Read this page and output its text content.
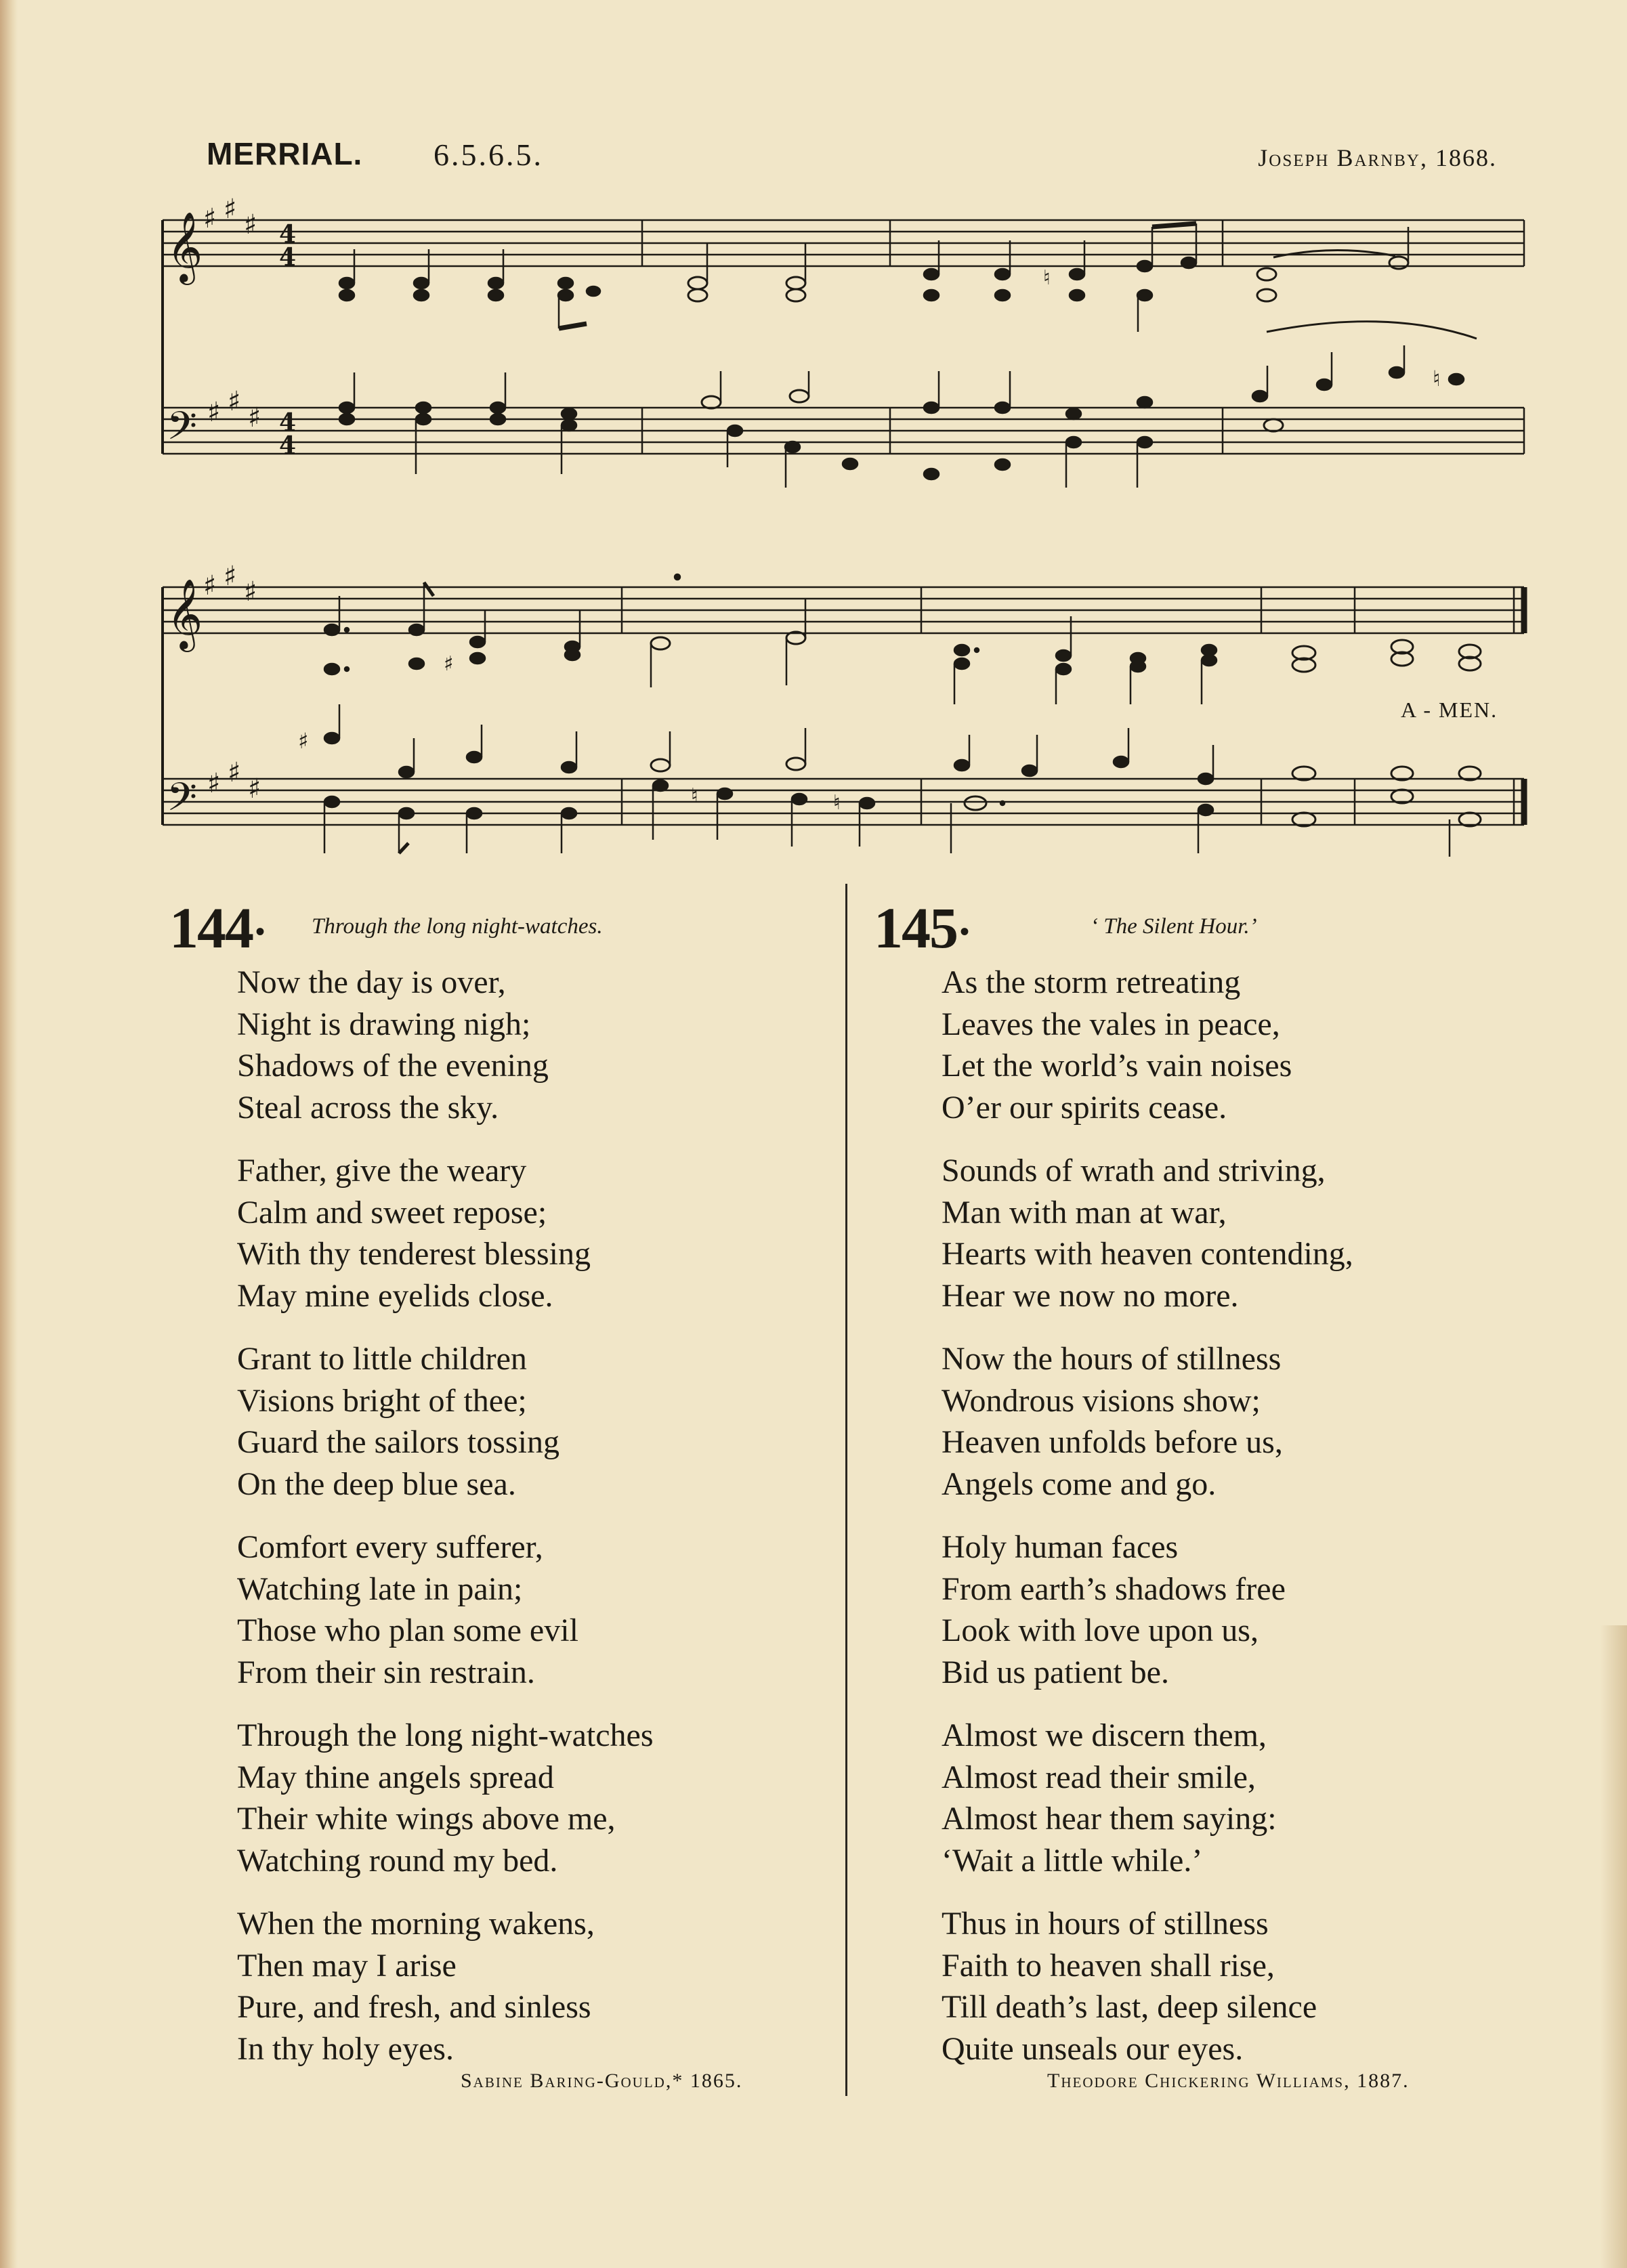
MERRIAL. 6.5.6.5.	Joseph Barnby, 1868.
𝄞 ♯ ♯ ♯ 4
4
𝄢 ♯ ♯
♯ 4
4
♮
♮
𝄞 ♯ ♯ ♯
𝄢 ♯ ♯
♯
♯
♯
♮	♮
A - MEN.
144 •	Through the long night-watches.
Now the day is over,
Night is drawing nigh;
Shadows of the evening
Steal across the sky.
Father, give the weary
Calm and sweet repose;
With thy tenderest blessing
May mine eyelids close.
Grant to little children
Visions bright of thee;
Guard the sailors tossing
On the deep blue sea.
Comfort every sufferer,
Watching late in pain;
Those who plan some evil
From their sin restrain.
Through the long night-watches
May thine angels spread
Their white wings above me,
Watching round my bed.
When the morning wakens,
Then may I arise
Pure, and fresh, and sinless
In thy holy eyes.
Sabine Baring-Gould,* 1865.
145 •	‘ The Silent Hour.’
As the storm retreating
Leaves the vales in peace,
Let the world’s vain noises
O’er our spirits cease.
Sounds of wrath and striving,
Man with man at war,
Hearts with heaven contending,
Hear we now no more.
Now the hours of stillness
Wondrous visions show;
Heaven unfolds before us,
Angels come and go.
Holy human faces
From earth’s shadows free
Look with love upon us,
Bid us patient be.
Almost we discern them,
Almost read their smile,
Almost hear them saying:
‘Wait a little while.’
Thus in hours of stillness
Faith to heaven shall rise,
Till death’s last, deep silence
Quite unseals our eyes.
Theodore Chickering Williams, 1887.
